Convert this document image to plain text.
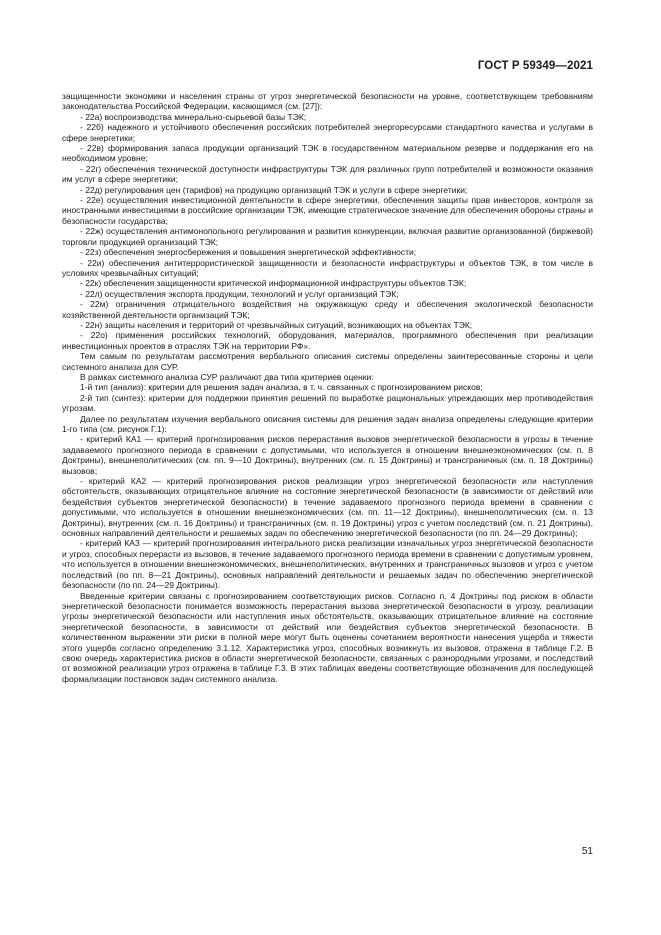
ГОСТ Р 59349—2021

защищенности экономики и населения страны от угроз энергетической безопасности на уровне, соответствующем требованиям законодательства Российской Федерации, касающимся (см. [27]):

- 22а) воспроизводства минерально-сырьевой базы ТЭК;

- 22б) надежного и устойчивого обеспечения российских потребителей энергоресурсами стандартного качества и услугами в сфере энергетики;

- 22в) формирования запаса продукции организаций ТЭК в государственном материальном резерве и поддержания его на необходимом уровне;

- 22г) обеспечения технической доступности инфраструктуры ТЭК для различных групп потребителей и возможности оказания им услуг в сфере энергетики;

- 22д) регулирования цен (тарифов) на продукцию организаций ТЭК и услуги в сфере энергетики;

- 22е) осуществления инвестиционной деятельности в сфере энергетики, обеспечения защиты прав инвесторов, контроля за иностранными инвестициями в российские организации ТЭК, имеющие стратегическое значение для обеспечения обороны страны и безопасности государства;

- 22ж) осуществления антимонопольного регулирования и развития конкуренции, включая развитие организованной (биржевой) торговли продукцией организаций ТЭК;

- 22з) обеспечения энергосбережения и повышения энергетической эффективности;

- 22и) обеспечения антитеррористической защищенности и безопасности инфраструктуры и объектов ТЭК, в том числе в условиях чрезвычайных ситуаций;

- 22к) обеспечения защищенности критической информационной инфраструктуры объектов ТЭК;

- 22л) осуществления экспорта продукции, технологий и услуг организаций ТЭК;

- 22м) ограничения отрицательного воздействия на окружающую среду и обеспечения экологической безопасности хозяйственной деятельности организаций ТЭК;

- 22н) защиты населения и территорий от чрезвычайных ситуаций, возникающих на объектах ТЭК;

- 22о) применения российских технологий, оборудования, материалов, программного обеспечения при реализации инвестиционных проектов в отраслях ТЭК на территории РФ».

Тем самым по результатам рассмотрения вербального описания системы определены заинтересованные стороны и цели системного анализа для СУР.

В рамках системного анализа СУР различают два типа критериев оценки:

1-й тип (анализ): критерии для решения задач анализа, в т. ч. связанных с прогнозированием рисков;

2-й тип (синтез): критерии для поддержки принятия решений по выработке рациональных упреждающих мер противодействия угрозам.

Далее по результатам изучения вербального описания системы для решения задач анализа определены следующие критерии 1-го типа (см. рисунок Г.1):

- критерий КА1 — критерий прогнозирования рисков перерастания вызовов энергетической безопасности в угрозы в течение задаваемого прогнозного периода в сравнении с допустимыми, что используется в отношении внешнеэкономических (см. п. 8 Доктрины), внешнеполитических (см. пп. 9—10 Доктрины), внутренних (см. п. 15 Доктрины) и трансграничных (см. п. 18 Доктрины) вызовов;

- критерий КА2 — критерий прогнозирования рисков реализации угроз энергетической безопасности или наступления обстоятельств, оказывающих отрицательное влияние на состояние энергетической безопасности (в зависимости от действий или бездействия субъектов энергетической безопасности) в течение задаваемого прогнозного периода времени в сравнении с допустимыми, что используется в отношении внешнеэкономических (см. пп. 11—12 Доктрины), внешнеполитических (см. п. 13 Доктрины), внутренних (см. п. 16 Доктрины) и трансграничных (см. п. 19 Доктрины) угроз с учетом последствий (см. п. 21 Доктрины), основных направлений деятельности и решаемых задач по обеспечению энергетической безопасности (по пп. 24—29 Доктрины);

- критерий КА3 — критерий прогнозирования интегрального риска реализации изначальных угроз энергетической безопасности и угроз, способных перерасти из вызовов, в течение задаваемого прогнозного периода времени в сравнении с допустимым уровнем, что используется в отношении внешнеэкономических, внешнеполитических, внутренних и трансграничных вызовов и угроз с учетом последствий (по пп. 8—21 Доктрины), основных направлений деятельности и решаемых задач по обеспечению энергетической безопасности (по пп. 24—29 Доктрины).

Введенные критерии связаны с прогнозированием соответствующих рисков. Согласно п. 4 Доктрины под риском в области энергетической безопасности понимается возможность перерастания вызова энергетической безопасности в угрозу, реализации угрозы энергетической безопасности или наступления иных обстоятельств, оказывающих отрицательное влияние на состояние энергетической безопасности, в зависимости от действий или бездействия субъектов энергетической безопасности. В количественном выражении эти риски в полной мере могут быть оценены сочетанием вероятности нанесения ущерба и тяжести этого ущерба согласно определению 3.1.12. Характеристика угроз, способных возникнуть из вызовов, отражена в таблице Г.2. В свою очередь характеристика рисков в области энергетической безопасности, связанных с разнородными угрозами, и последствий от возможной реализации угроз отражена в таблице Г.3. В этих таблицах введены соответствующие обозначения для последующей формализации постановок задач системного анализа.

51
